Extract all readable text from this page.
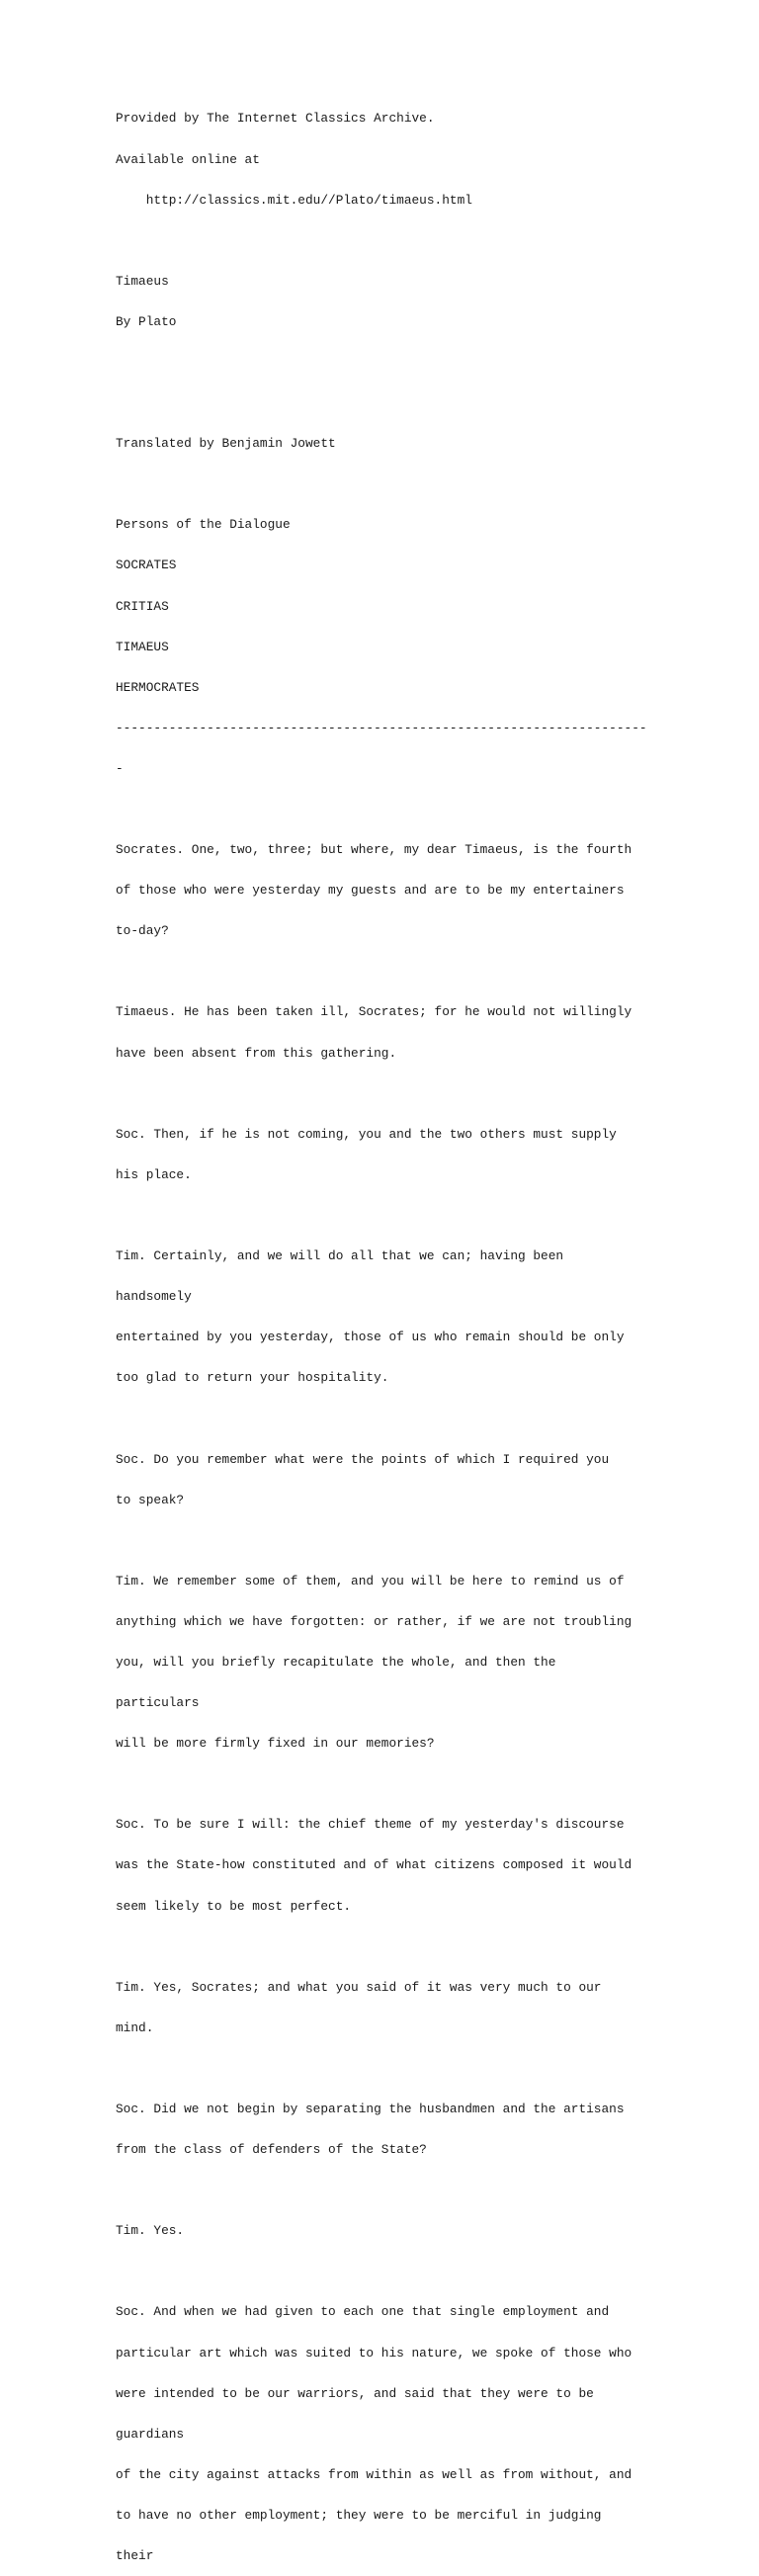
Provided by The Internet Classics Archive.

Available online at

http://classics.mit.edu//Plato/timaeus.html

Timaeus

By Plato

Translated by Benjamin Jowett

Persons of the Dialogue

SOCRATES

CRITIAS

TIMAEUS

HERMOCRATES

----------------------------------------------------------------------

-

Socrates. One, two, three; but where, my dear Timaeus, is the fourth

of those who were yesterday my guests and are to be my entertainers

to-day?

Timaeus. He has been taken ill, Socrates; for he would not willingly

have been absent from this gathering.

Soc. Then, if he is not coming, you and the two others must supply

his place.

Tim. Certainly, and we will do all that we can; having been

handsomely

entertained by you yesterday, those of us who remain should be only

too glad to return your hospitality.

Soc. Do you remember what were the points of which I required you

to speak?

Tim. We remember some of them, and you will be here to remind us of

anything which we have forgotten: or rather, if we are not troubling

you, will you briefly recapitulate the whole, and then the

particulars

will be more firmly fixed in our memories?

Soc. To be sure I will: the chief theme of my yesterday's discourse

was the State-how constituted and of what citizens composed it would

seem likely to be most perfect.

Tim. Yes, Socrates; and what you said of it was very much to our

mind.

Soc. Did we not begin by separating the husbandmen and the artisans

from the class of defenders of the State?

Tim. Yes.

Soc. And when we had given to each one that single employment and

particular art which was suited to his nature, we spoke of those who

were intended to be our warriors, and said that they were to be

guardians

of the city against attacks from within as well as from without, and

to have no other employment; they were to be merciful in judging

their
